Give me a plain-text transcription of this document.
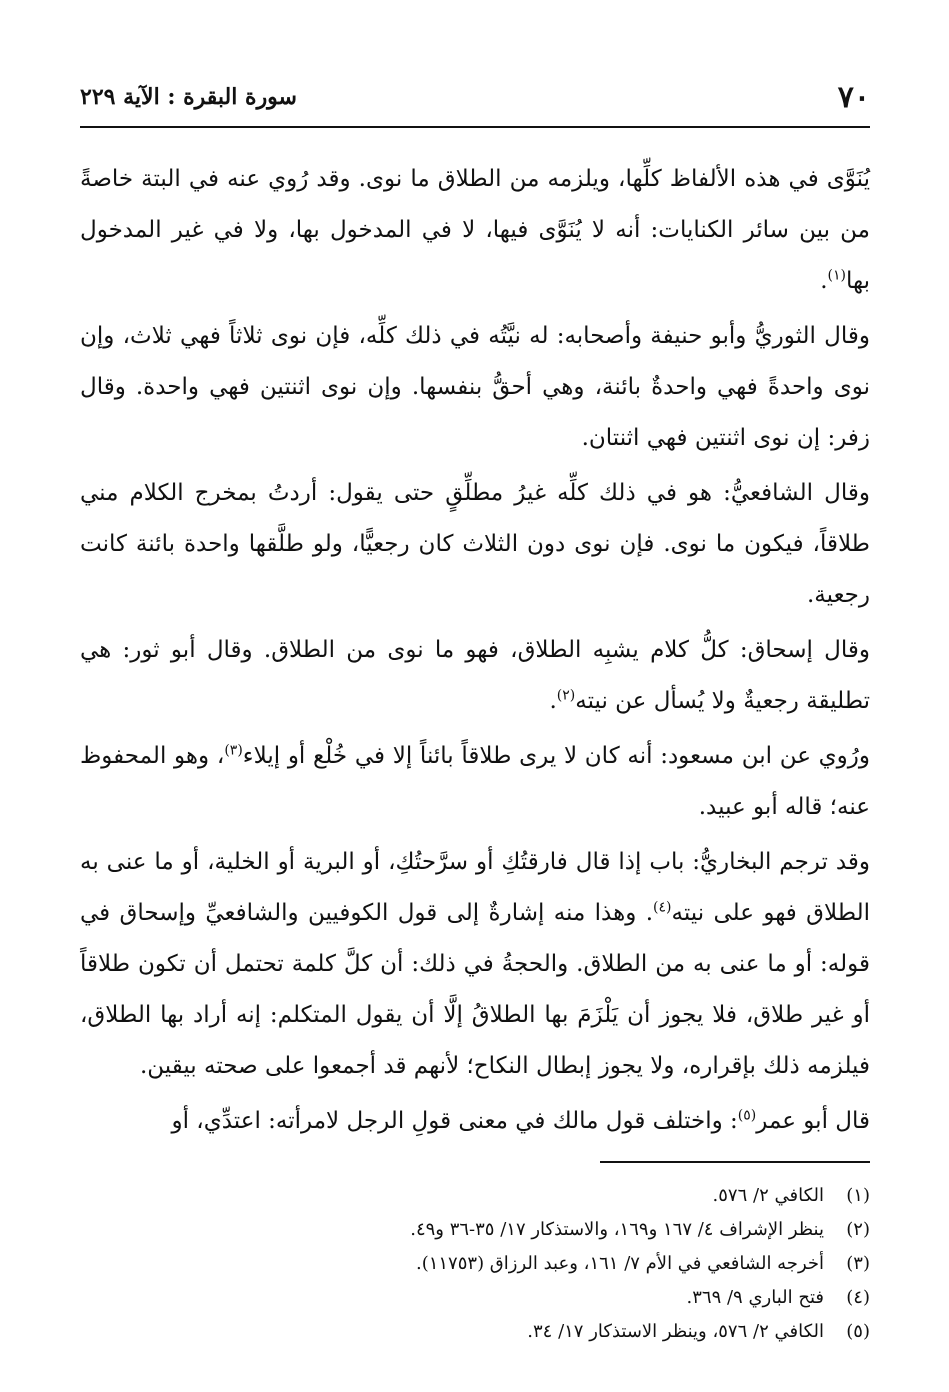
٧٠
سورة البقرة : الآية ٢٢٩

يُنَوَّى في هذه الألفاظ كلِّها، ويلزمه من الطلاق ما نوى. وقد رُوي عنه في البتة خاصةً من بين سائر الكنايات: أنه لا يُنَوَّى فيها، لا في المدخول بها، ولا في غير المدخول بها$^{(١)}$.

وقال الثوريُّ وأبو حنيفة وأصحابه: له نيَّتُه في ذلك كلِّه، فإن نوى ثلاثاً فهي ثلاث، وإن نوى واحدةً فهي واحدةٌ بائنة، وهي أحقُّ بنفسها. وإن نوى اثنتين فهي واحدة. وقال زفر: إن نوى اثنتين فهي اثنتان.

وقال الشافعيُّ: هو في ذلك كلِّه غيرُ مطلِّقٍ حتى يقول: أردتُ بمخرج الكلام مني طلاقاً، فيكون ما نوى. فإن نوى دون الثلاث كان رجعيًّا، ولو طلَّقها واحدة بائنة كانت رجعية.

وقال إسحاق: كلُّ كلام يشبِه الطلاق، فهو ما نوى من الطلاق. وقال أبو ثور: هي تطليقة رجعيةٌ ولا يُسأل عن نيته$^{(٢)}$.

ورُوي عن ابن مسعود: أنه كان لا يرى طلاقاً بائناً إلا في خُلْع أو إيلاء$^{(٣)}$، وهو المحفوظ عنه؛ قاله أبو عبيد.

وقد ترجم البخاريُّ: باب إذا قال فارقتُكِ أو سرَّحتُكِ، أو البرية أو الخلية، أو ما عنى به الطلاق فهو على نيته$^{(٤)}$. وهذا منه إشارةٌ إلى قول الكوفيين والشافعيِّ وإسحاق في قوله: أو ما عنى به من الطلاق. والحجةُ في ذلك: أن كلَّ كلمة تحتمل أن تكون طلاقاً أو غير طلاق، فلا يجوز أن يَلْزَمَ بها الطلاقُ إلَّا أن يقول المتكلم: إنه أراد بها الطلاق، فيلزمه ذلك بإقراره، ولا يجوز إبطال النكاح؛ لأنهم قد أجمعوا على صحته بيقين.

قال أبو عمر$^{(٥)}$: واختلف قول مالك في معنى قولِ الرجل لامرأته: اعتدِّي، أو

(١)
الكافي ٢/ ٥٧٦.
(٢)
ينظر الإشراف ٤/ ١٦٧ و١٦٩، والاستذكار ١٧/ ٣٥-٣٦ و٤٩.
(٣)
أخرجه الشافعي في الأم ٧/ ١٦١، وعبد الرزاق (١١٧٥٣).
(٤)
فتح الباري ٩/ ٣٦٩.
(٥)
الكافي ٢/ ٥٧٦، وينظر الاستذكار ١٧/ ٣٤.
